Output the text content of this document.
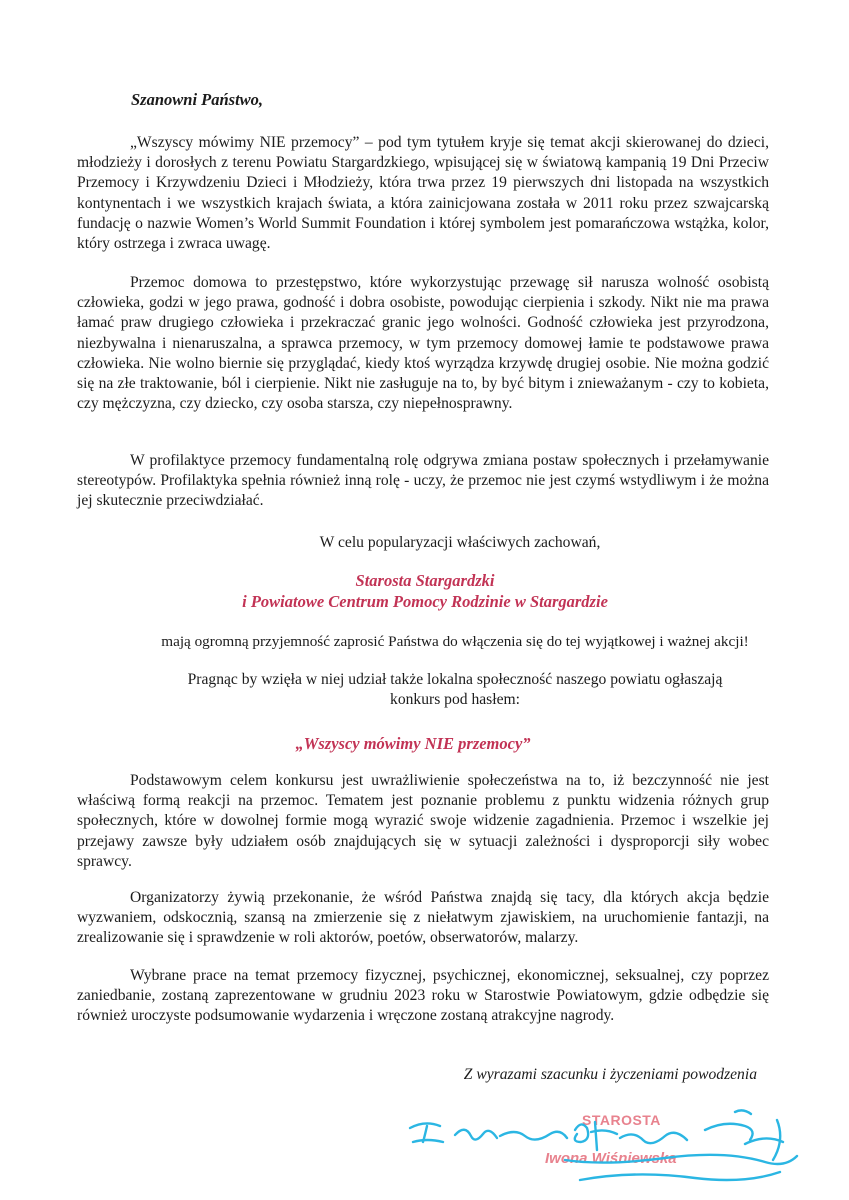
Szanowni Państwo,

„Wszyscy mówimy NIE przemocy” – pod tym tytułem kryje się temat akcji skierowanej do dzieci, młodzieży i dorosłych z terenu Powiatu Stargardzkiego, wpisującej się w światową kampanią 19 Dni Przeciw Przemocy i Krzywdzeniu Dzieci i Młodzieży, która trwa przez 19 pierwszych dni listopada na wszystkich kontynentach i we wszystkich krajach świata, a która zainicjowana została w 2011 roku przez szwajcarską fundację o nazwie Women’s World Summit Foundation i której symbolem jest pomarańczowa wstążka, kolor, który ostrzega i zwraca uwagę.

Przemoc domowa to przestępstwo, które wykorzystując przewagę sił narusza wolność osobistą człowieka, godzi w jego prawa, godność i dobra osobiste, powodując cierpienia i szkody. Nikt nie ma prawa łamać praw drugiego człowieka i przekraczać granic jego wolności. Godność człowieka jest przyrodzona, niezbywalna i nienaruszalna, a sprawca przemocy, w tym przemocy domowej łamie te podstawowe prawa człowieka. Nie wolno biernie się przyglądać, kiedy ktoś wyrządza krzywdę drugiej osobie. Nie można godzić się na złe traktowanie, ból i cierpienie. Nikt nie zasługuje na to, by być bitym i znieważanym - czy to kobieta, czy mężczyzna, czy dziecko, czy osoba starsza, czy niepełnosprawny.

W profilaktyce przemocy fundamentalną rolę odgrywa zmiana postaw społecznych i przełamywanie stereotypów. Profilaktyka spełnia również inną rolę - uczy, że przemoc nie jest czymś wstydliwym i że można jej skutecznie przeciwdziałać.

W celu popularyzacji właściwych zachowań,

Starosta Stargardzki

i Powiatowe Centrum Pomocy Rodzinie w Stargardzie

mają ogromną przyjemność zaprosić Państwa do włączenia się do tej wyjątkowej i ważnej akcji!

Pragnąc by wzięła w niej udział także lokalna społeczność naszego powiatu ogłaszają

konkurs pod hasłem:

„Wszyscy mówimy NIE przemocy”

Podstawowym celem konkursu jest uwrażliwienie społeczeństwa na to, iż bezczynność nie jest właściwą formą reakcji na przemoc. Tematem jest poznanie problemu z punktu widzenia różnych grup społecznych, które w dowolnej formie mogą wyrazić swoje widzenie zagadnienia. Przemoc i wszelkie jej przejawy zawsze były udziałem osób znajdujących się w sytuacji zależności i dysproporcji siły wobec sprawcy.

Organizatorzy żywią przekonanie, że wśród Państwa znajdą się tacy, dla których akcja będzie wyzwaniem, odskocznią, szansą na zmierzenie się z niełatwym zjawiskiem, na uruchomienie fantazji, na zrealizowanie się i sprawdzenie w roli aktorów, poetów, obserwatorów, malarzy.

Wybrane prace na temat przemocy fizycznej, psychicznej, ekonomicznej, seksualnej, czy poprzez zaniedbanie, zostaną zaprezentowane w grudniu 2023 roku w Starostwie Powiatowym, gdzie odbędzie się również uroczyste podsumowanie wydarzenia i wręczone zostaną atrakcyjne nagrody.

Z wyrazami szacunku i życzeniami powodzenia
STAROSTA
Iwona Wiśniewska
